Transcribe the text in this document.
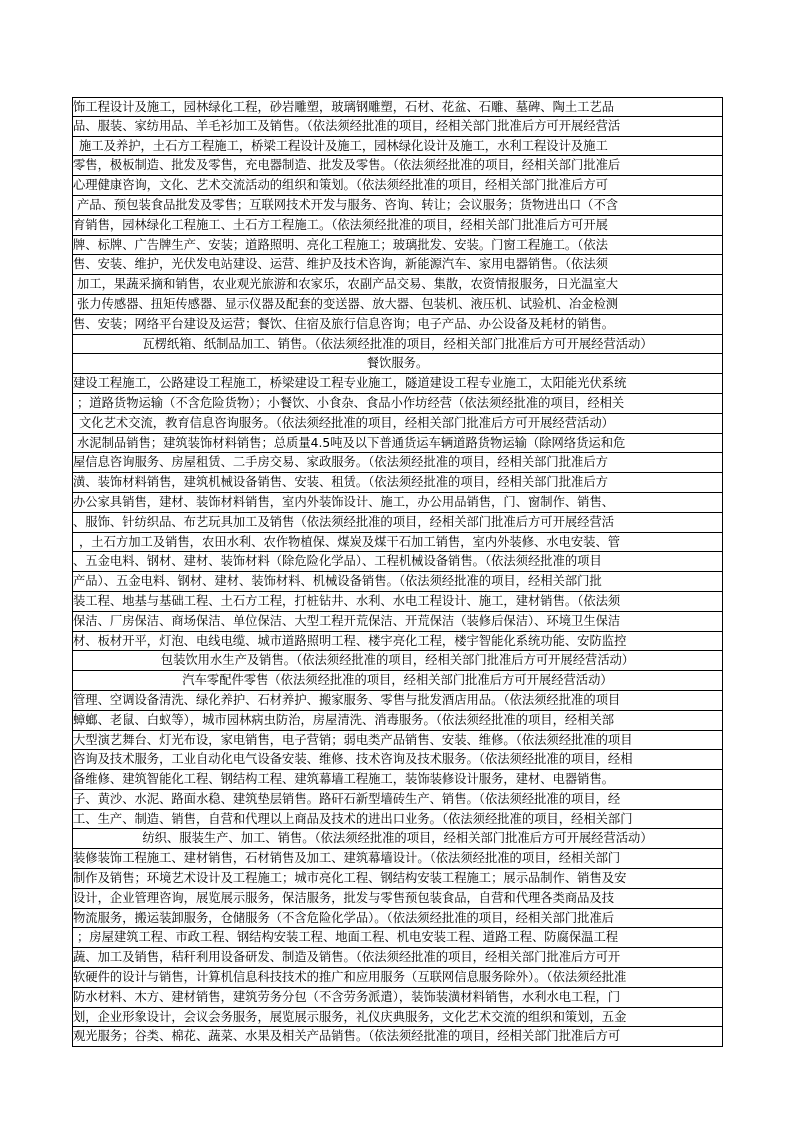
饰工程设计及施工，园林绿化工程，砂岩雕塑，玻璃钢雕塑，石材、花盆、石雕、墓碑、陶土工艺品
品、服装、家纺用品、羊毛衫加工及销售。（依法须经批准的项目，经相关部门批准后方可开展经营活
施工及养护，土石方工程施工，桥梁工程设计及施工，园林绿化设计及施工，水利工程设计及施工
零售，极板制造、批发及零售，充电器制造、批发及零售。（依法须经批准的项目，经相关部门批准后
心理健康咨询，文化、艺术交流活动的组织和策划。（依法须经批准的项目，经相关部门批准后方可
产品、预包装食品批发及零售；互联网技术开发与服务、咨询、转让；会议服务；货物进出口（不含
育销售，园林绿化工程施工、土石方工程施工。（依法须经批准的项目，经相关部门批准后方可开展
牌、标牌、广告牌生产、安装；道路照明、亮化工程施工；玻璃批发、安装。门窗工程施工。（依法
售、安装、维护，光伏发电站建设、运营、维护及技术咨询，新能源汽车、家用电器销售。（依法须
加工，果蔬采摘和销售，农业观光旅游和农家乐，农副产品交易、集散，农资情报服务，日光温室大
张力传感器、扭矩传感器、显示仪器及配套的变送器、放大器、包装机、液压机、试验机、冶金检测
售、安装；网络平台建设及运营；餐饮、住宿及旅行信息咨询；电子产品、办公设备及耗材的销售。
瓦楞纸箱、纸制品加工、销售。（依法须经批准的项目，经相关部门批准后方可开展经营活动）
餐饮服务。
建设工程施工，公路建设工程施工，桥梁建设工程专业施工，隧道建设工程专业施工，太阳能光伏系统
；道路货物运输（不含危险货物）；小餐饮、小食杂、食品小作坊经营（依法须经批准的项目，经相关
文化艺术交流，教育信息咨询服务。（依法须经批准的项目，经相关部门批准后方可开展经营活动）
水泥制品销售；建筑装饰材料销售；总质量4.5吨及以下普通货运车辆道路货物运输（除网络货运和危
屋信息咨询服务、房屋租赁、二手房交易、家政服务。（依法须经批准的项目，经相关部门批准后方
潢、装饰材料销售，建筑机械设备销售、安装、租赁。（依法须经批准的项目，经相关部门批准后方
办公家具销售，建材、装饰材料销售，室内外装饰设计、施工，办公用品销售，门、窗制作、销售、
、服饰、针纺织品、布艺玩具加工及销售（依法须经批准的项目，经相关部门批准后方可开展经营活
，土石方加工及销售，农田水利、农作物植保、煤炭及煤干石加工销售，室内外装修、水电安装、管
、五金电料、钢材、建材、装饰材料（除危险化学品）、工程机械设备销售。（依法须经批准的项目
产品）、五金电料、钢材、建材、装饰材料、机械设备销售。（依法须经批准的项目，经相关部门批
装工程、地基与基础工程、土石方工程，打桩钻井、水利、水电工程设计、施工，建材销售。（依法须
保洁、厂房保洁、商场保洁、单位保洁、大型工程开荒保洁、开荒保洁（装修后保洁）、环境卫生保洁
材、板材开平，灯泡、电线电缆、城市道路照明工程、楼宇亮化工程，楼宇智能化系统功能、安防监控
包装饮用水生产及销售。（依法须经批准的项目，经相关部门批准后方可开展经营活动）
汽车零配件零售（依法须经批准的项目，经相关部门批准后方可开展经营活动）
管理、空调设备清洗、绿化养护、石材养护、搬家服务、零售与批发酒店用品。（依法须经批准的项目
蟑螂、老鼠、白蚁等），城市园林病虫防治，房屋清洗、消毒服务。（依法须经批准的项目，经相关部
大型演艺舞台、灯光布设，家电销售，电子营销；弱电类产品销售、安装、维修。（依法须经批准的项目
咨询及技术服务，工业自动化电气设备安装、维修、技术咨询及技术服务。（依法须经批准的项目，经相
备维修、建筑智能化工程、钢结构工程、建筑幕墙工程施工，装饰装修设计服务，建材、电器销售。
子、黄沙、水泥、路面水稳、建筑垫层销售。路矸石新型墙砖生产、销售。（依法须经批准的项目，经
工、生产、制造、销售，自营和代理以上商品及技术的进出口业务。（依法须经批准的项目，经相关部门
纺织、服装生产、加工、销售。（依法须经批准的项目，经相关部门批准后方可开展经营活动）
装修装饰工程施工、建材销售，石材销售及加工、建筑幕墙设计。（依法须经批准的项目，经相关部门
制作及销售；环境艺术设计及工程施工；城市亮化工程、钢结构安装工程施工；展示品制作、销售及安
设计，企业管理咨询，展览展示服务，保洁服务，批发与零售预包装食品，自营和代理各类商品及技
物流服务，搬运装卸服务，仓储服务（不含危险化学品）。（依法须经批准的项目，经相关部门批准后
；房屋建筑工程、市政工程、钢结构安装工程、地面工程、机电安装工程、道路工程、防腐保温工程
蔬、加工及销售，秸秆利用设备研发、制造及销售。（依法须经批准的项目，经相关部门批准后方可开
软硬件的设计与销售，计算机信息科技技术的推广和应用服务（互联网信息服务除外）。（依法须经批准
防水材料、木方、建材销售，建筑劳务分包（不含劳务派遣），装饰装潢材料销售，水利水电工程，门
划，企业形象设计，会议会务服务，展览展示服务，礼仪庆典服务，文化艺术交流的组织和策划，五金
观光服务；谷类、棉花、蔬菜、水果及相关产品销售。（依法须经批准的项目，经相关部门批准后方可
